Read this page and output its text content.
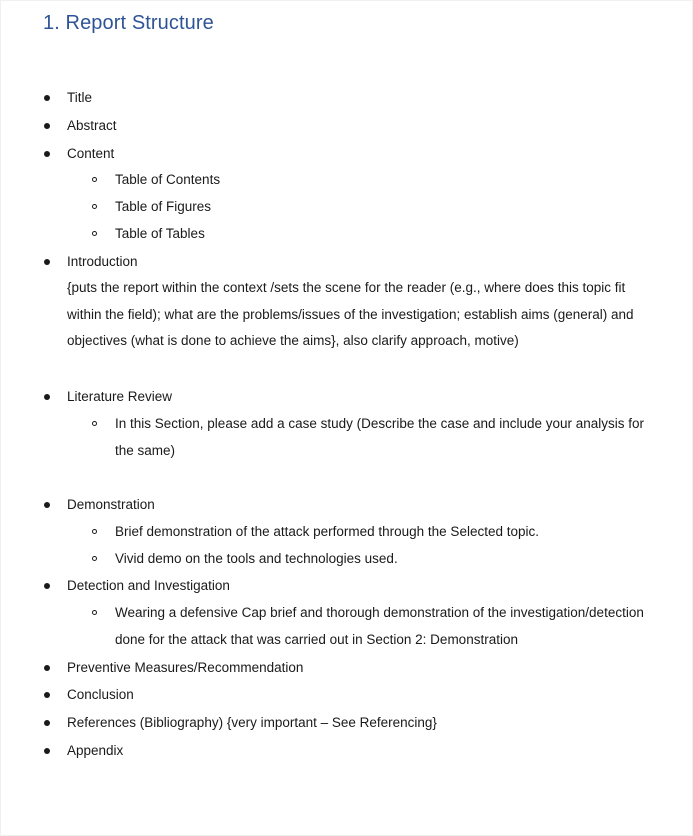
1. Report Structure
Title
Abstract
Content
Table of Contents
Table of Figures
Table of Tables
Introduction
{puts the report within the context /sets the scene for the reader (e.g., where does this topic fit
within the field); what are the problems/issues of the investigation; establish aims (general) and
objectives (what is done to achieve the aims}, also clarify approach, motive)
Literature Review
In this Section, please add a case study (Describe the case and include your analysis for
the same)
Demonstration
Brief demonstration of the attack performed through the Selected topic.
Vivid demo on the tools and technologies used.
Detection and Investigation
Wearing a defensive Cap brief and thorough demonstration of the investigation/detection
done for the attack that was carried out in Section 2: Demonstration
Preventive Measures/Recommendation
Conclusion
References (Bibliography) {very important – See Referencing}
Appendix
